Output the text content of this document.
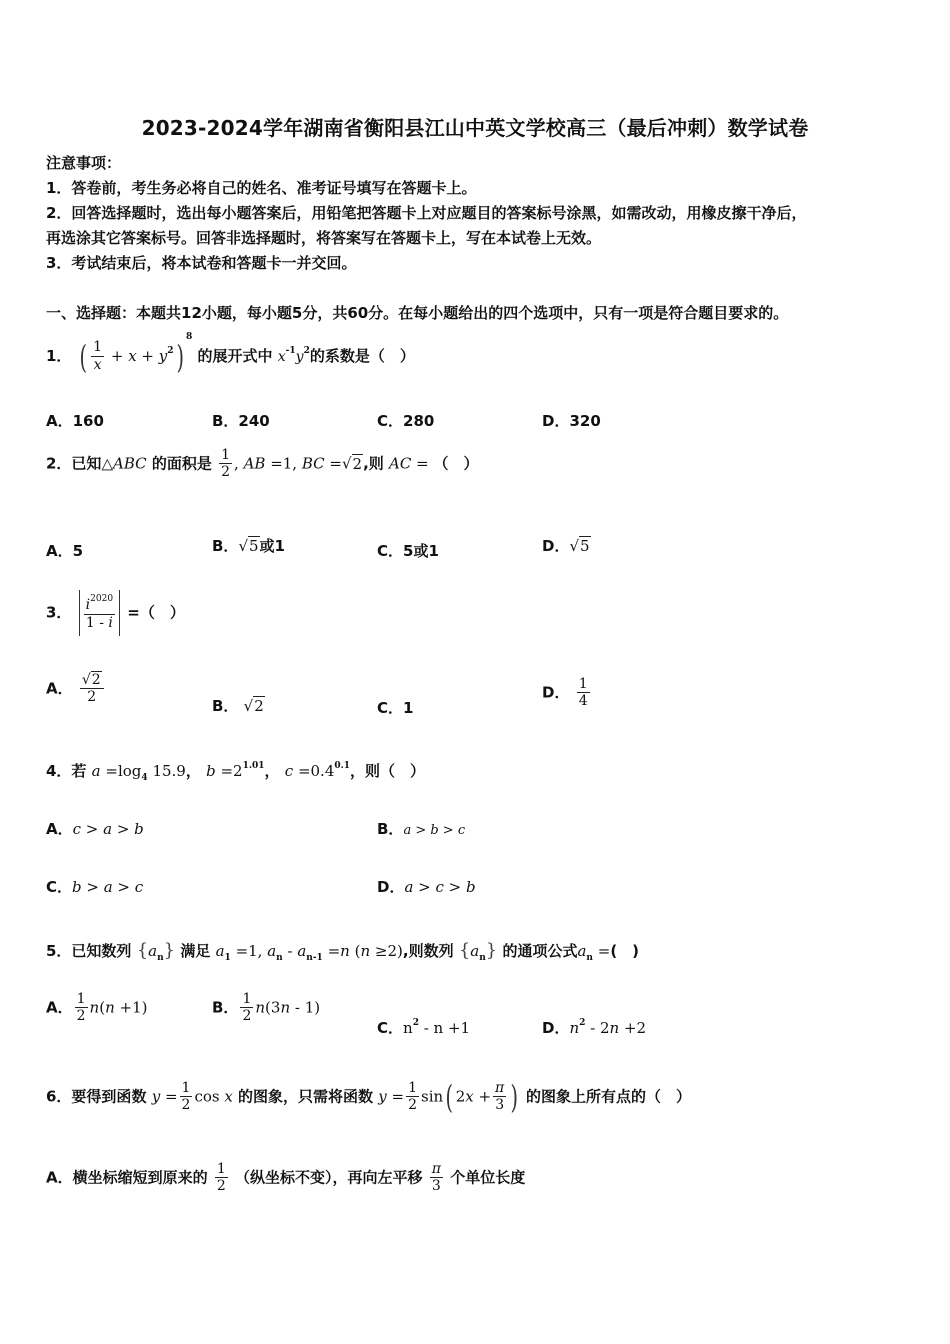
2023-2024学年湖南省衡阳县江山中英文学校高三（最后冲刺）数学试卷
注意事项：
1．答卷前，考生务必将自己的姓名、准考证号填写在答题卡上。
2．回答选择题时，选出每小题答案后，用铅笔把答题卡上对应题目的答案标号涂黑，如需改动，用橡皮擦干净后，
再选涂其它答案标号。回答非选择题时，将答案写在答题卡上，写在本试卷上无效。
3．考试结束后，将本试卷和答题卡一并交回。
一、选择题：本题共12小题，每小题5分，共60分。在每小题给出的四个选项中，只有一项是符合题目要求的。
1． ( $\frac{1}{x} + x + y^2)^8$ 的展开式中 $x^{-1}y^2$的系数是（　）
A．160	B．240	C．280	D．320
2．已知△ABC 的面积是 $\frac{1}{2}$ , AB =1, BC =√2,则 AC = （　）
A．5	B．√5或1	C．5或1	D．√5
3． $\frac{i^{2020}}{1 - i}$ =（　）
A． $\frac{√2}{2}$
B． √2	C．1
D． $\frac{1}{4}$
4．若 $a =\log_4$ 15.9， $b =2^{1.01}$， $c =0.4^{0.1}$，则（　）
A．c > a > b	B．a > b > c
C．b > a > c	D．a > c > b
5．已知数列 $\{a_n\}$ 满足 $a_1 =1$, $a_n - a_{n-1} =n$ (n ≥2),则数列 $\{a_n\}$ 的通项公式$a_n$ =(　)
A． $\frac{1}{2} n(n +1)$	B． $\frac{1}{2} n(3n - 1)$
C．$n^2 - n +1$	D．$n^2 - 2n +2$
6．要得到函数 $y = \frac{1}{2}$ cos x 的图象，只需将函数 $y = \frac{1}{2} \sin$( $2x + \frac{\pi}{3}$ ) 的图象上所有点的（　）
A．横坐标缩短到原来的 $\frac{1}{2}$ （纵坐标不变），再向左平移 $\frac{\pi}{3}$ 个单位长度
